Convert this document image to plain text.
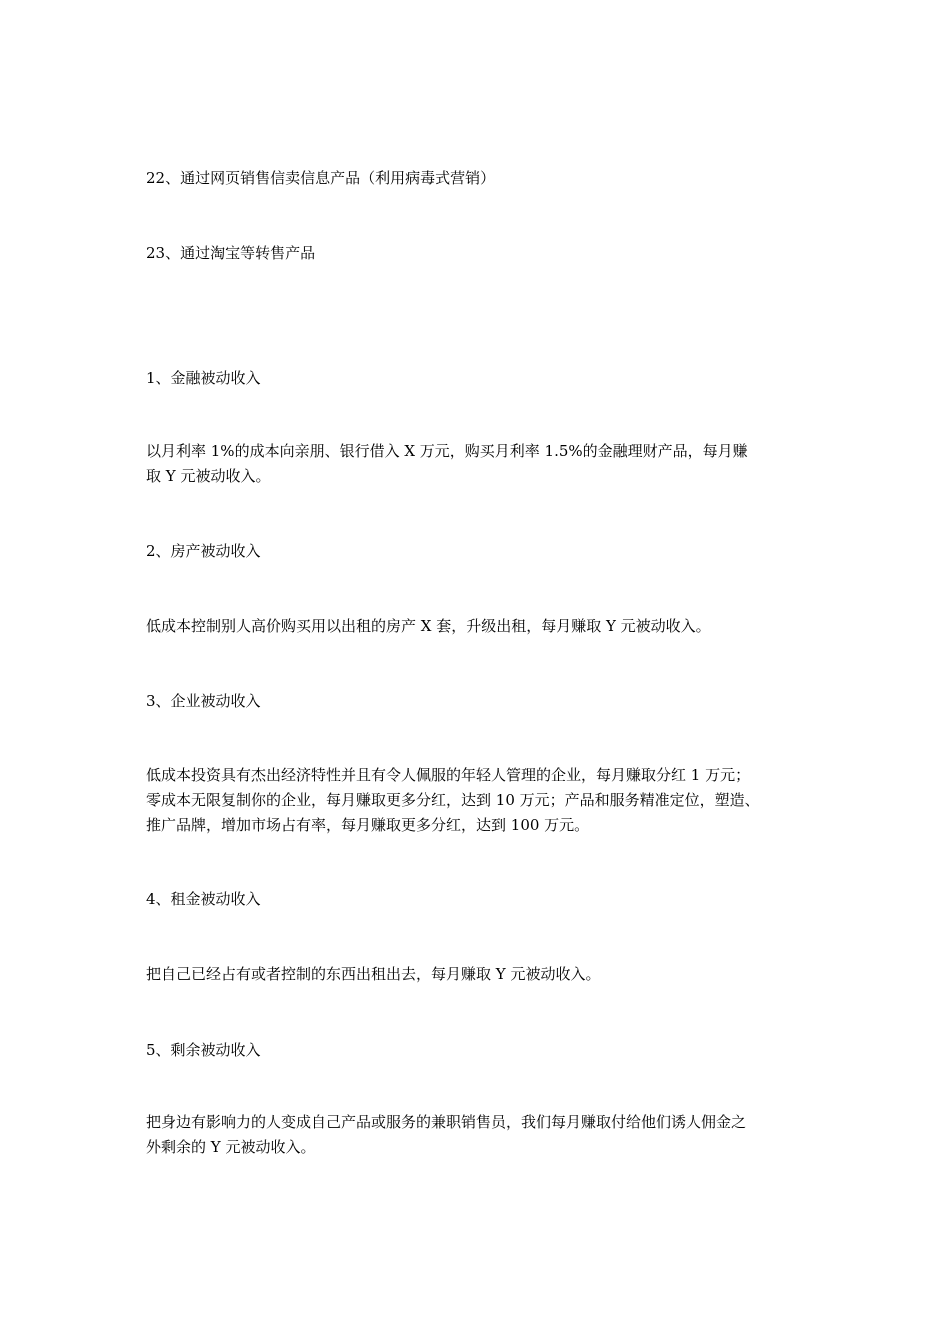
22、通过网页销售信卖信息产品（利用病毒式营销）

23、通过淘宝等转售产品

1、金融被动收入

以月利率 1%的成本向亲朋、银行借入 X 万元，购买月利率 1.5%的金融理财产品，每月赚
取 Y 元被动收入。

2、房产被动收入

低成本控制别人高价购买用以出租的房产 X 套，升级出租，每月赚取 Y 元被动收入。

3、企业被动收入

低成本投资具有杰出经济特性并且有令人佩服的年轻人管理的企业，每月赚取分红 1 万元；
零成本无限复制你的企业，每月赚取更多分红，达到 10 万元；产品和服务精准定位，塑造、
推广品牌，增加市场占有率，每月赚取更多分红，达到 100 万元。

4、租金被动收入

把自己已经占有或者控制的东西出租出去，每月赚取 Y 元被动收入。

5、剩余被动收入

把身边有影响力的人变成自己产品或服务的兼职销售员，我们每月赚取付给他们诱人佣金之
外剩余的 Y 元被动收入。
